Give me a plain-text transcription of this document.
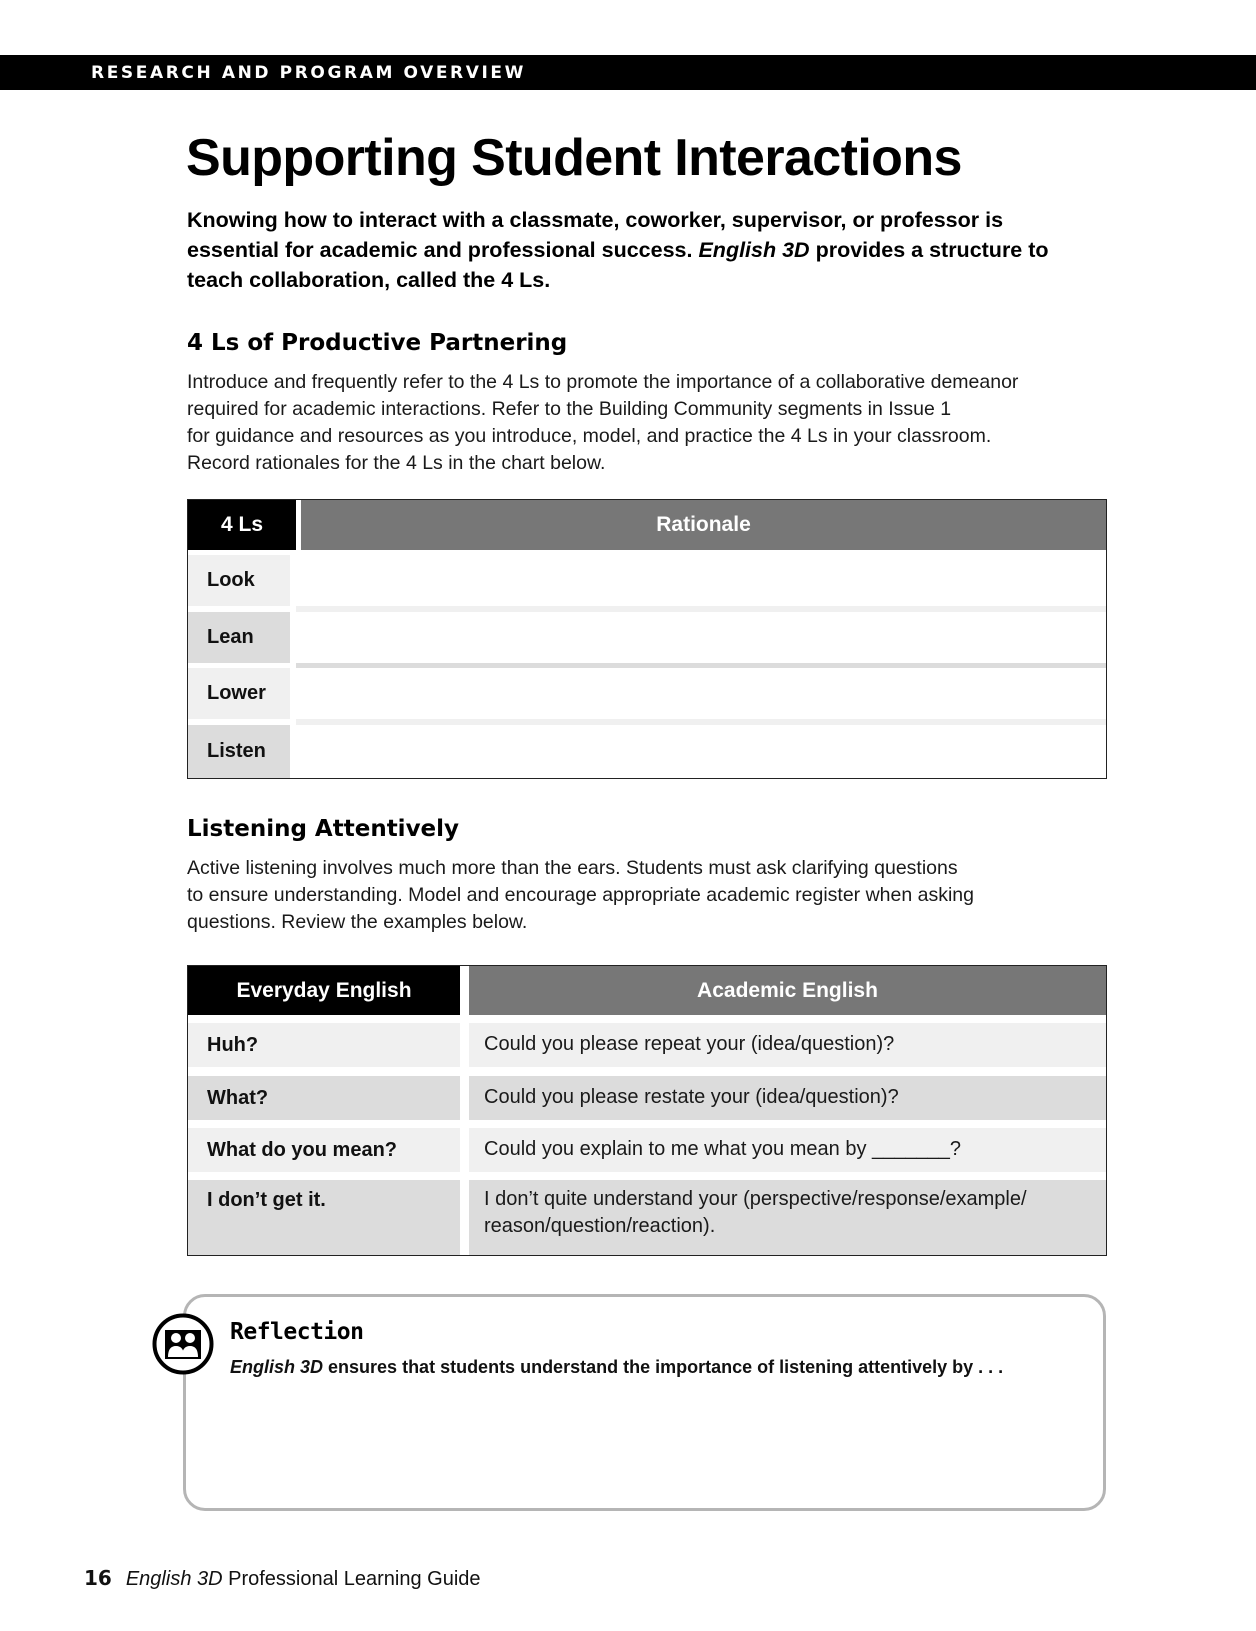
RESEARCH AND PROGRAM OVERVIEW
Supporting Student Interactions

Knowing how to interact with a classmate, coworker, supervisor, or professor is essential for academic and professional success. English 3D provides a structure to teach collaboration, called the 4 Ls.

4 Ls of Productive Partnering
Introduce and frequently refer to the 4 Ls to promote the importance of a collaborative demeanor
required for academic interactions. Refer to the Building Community segments in Issue 1
for guidance and resources as you introduce, model, and practice the 4 Ls in your classroom.
Record rationales for the 4 Ls in the chart below.
4 Ls	Rationale
Look
Lean
Lower
Listen
Listening Attentively
Active listening involves much more than the ears. Students must ask clarifying questions
to ensure understanding. Model and encourage appropriate academic register when asking
questions. Review the examples below.
Everyday English	Academic English
Huh?	Could you please repeat your (idea/question)?
What?	Could you please restate your (idea/question)?
What do you mean?	Could you explain to me what you mean by _______?
I don’t get it.	I don’t quite understand your (perspective/response/example/ reason/question/reaction).
Reflection
English 3D ensures that students understand the importance of listening attentively by . . .
16 English 3D Professional Learning Guide
